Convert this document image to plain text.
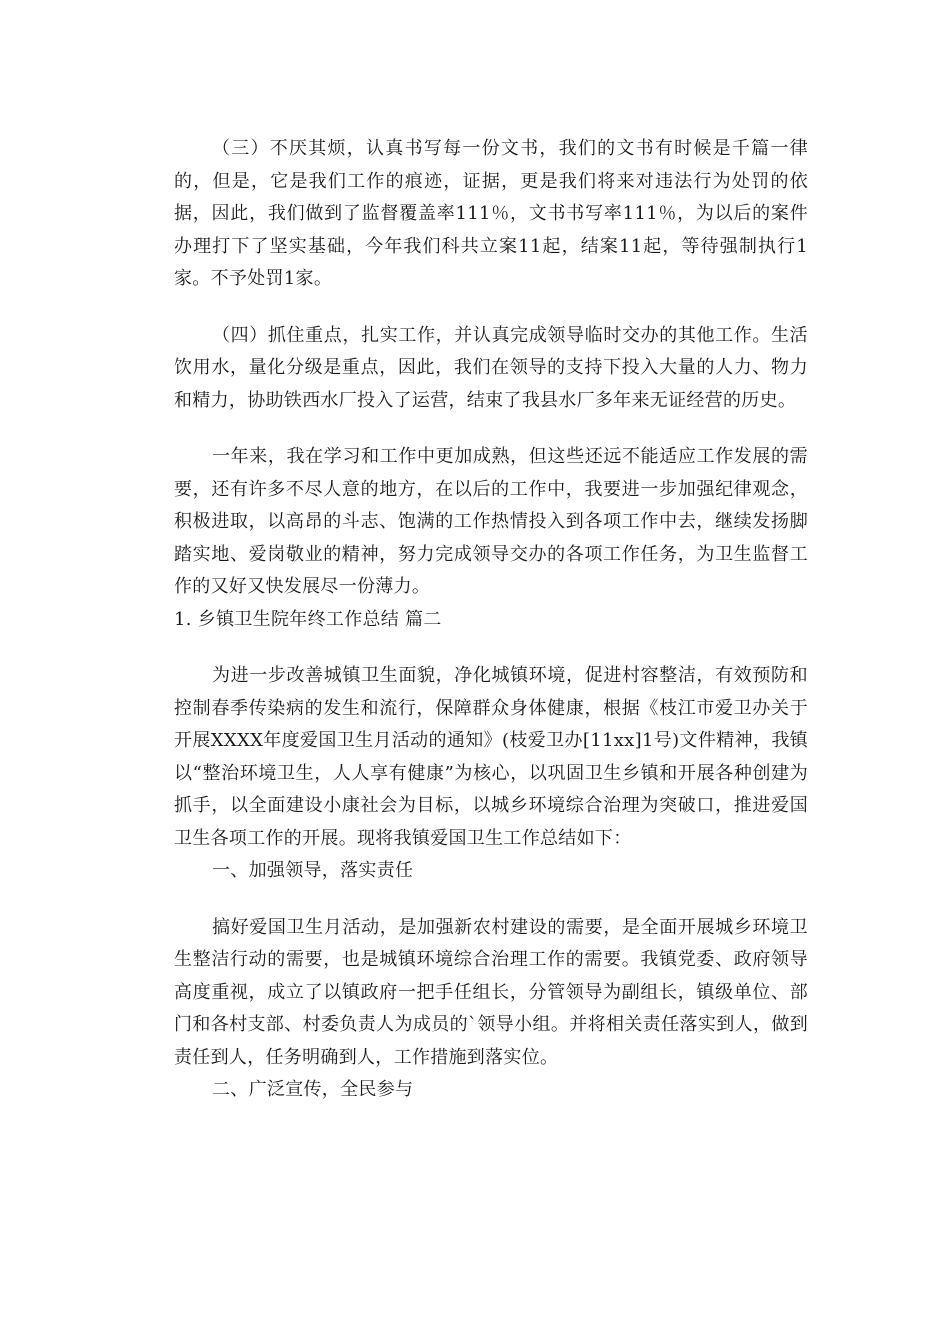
（三）不厌其烦，认真书写每一份文书，我们的文书有时候是千篇一律的，但是，它是我们工作的痕迹，证据，更是我们将来对违法行为处罚的依据，因此，我们做到了监督覆盖率111％，文书书写率111％，为以后的案件办理打下了坚实基础，今年我们科共立案11起，结案11起，等待强制执行1家。不予处罚1家。

（四）抓住重点，扎实工作，并认真完成领导临时交办的其他工作。生活饮用水，量化分级是重点，因此，我们在领导的支持下投入大量的人力、物力和精力，协助铁西水厂投入了运营，结束了我县水厂多年来无证经营的历史。

一年来，我在学习和工作中更加成熟，但这些还远不能适应工作发展的需要，还有许多不尽人意的地方，在以后的工作中，我要进一步加强纪律观念，积极进取，以高昂的斗志、饱满的工作热情投入到各项工作中去，继续发扬脚踏实地、爱岗敬业的精神，努力完成领导交办的各项工作任务，为卫生监督工作的又好又快发展尽一份薄力。

1. 乡镇卫生院年终工作总结 篇二

为进一步改善城镇卫生面貌，净化城镇环境，促进村容整洁，有效预防和控制春季传染病的发生和流行，保障群众身体健康，根据《枝江市爱卫办关于开展XXXX年度爱国卫生月活动的通知》(枝爱卫办[11xx]1号)文件精神，我镇以“整治环境卫生，人人享有健康”为核心，以巩固卫生乡镇和开展各种创建为抓手，以全面建设小康社会为目标，以城乡环境综合治理为突破口，推进爱国卫生各项工作的开展。现将我镇爱国卫生工作总结如下：

一、加强领导，落实责任

搞好爱国卫生月活动，是加强新农村建设的需要，是全面开展城乡环境卫生整洁行动的需要，也是城镇环境综合治理工作的需要。我镇党委、政府领导高度重视，成立了以镇政府一把手任组长，分管领导为副组长，镇级单位、部门和各村支部、村委负责人为成员的`领导小组。并将相关责任落实到人，做到责任到人，任务明确到人，工作措施到落实位。

二、广泛宣传，全民参与
